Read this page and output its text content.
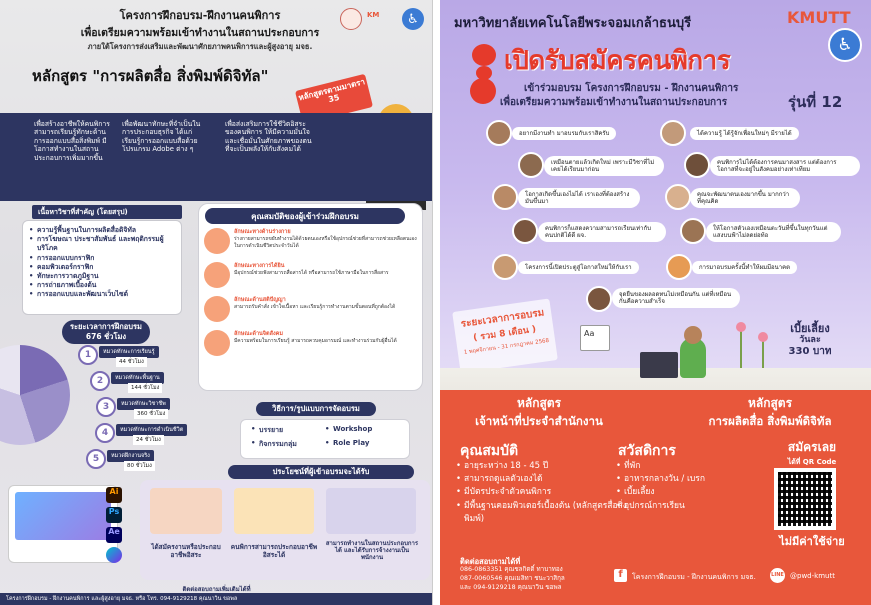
โครงการฝึกอบรม-ฝึกงานคนพิการ
เพื่อเตรียมความพร้อมเข้าทำงานในสถานประกอบการ
ภายใต้โครงการส่งเสริมและพัฒนาศักยภาพคนพิการและผู้สูงอายุ มจธ.
KM	♿
หลักสูตร "การผลิตสื่อ สิ่งพิมพ์ดิจิทัล"
หลักสูตรตามมาตรา 35
เพื่อสร้างอาชีพให้คนพิการสามารถเรียนรู้ทักษะด้านการออกแบบสื่อสิ่งพิมพ์ มีโอกาสทำงานในสถานประกอบการเพิ่มมากขึ้น
เพื่อพัฒนาทักษะที่จำเป็นในการประกอบธุรกิจ ได้แก่ เรียนรู้การออกแบบสื่อด้วยโปรแกรม Adobe ต่าง ๆ
เพื่อส่งเสริมการใช้ชีวิตอิสระของคนพิการ ให้มีความมั่นใจ และเชื่อมั่นในศักยภาพของตนที่จะเป็นพลังให้กับสังคมได้
เนื้อหาวิชาที่สำคัญ (โดยสรุป)
• ความรู้พื้นฐานในการผลิตสื่อดิจิทัล
• การโฆษณา ประชาสัมพันธ์ และพฤติกรรมผู้บริโภค
• การออกแบบกราฟิก
• คอมพิวเตอร์กราฟิก
• ทักษะการวาดภูมิฐาน
• การถ่ายภาพเบื้องต้น
• การออกแบบและพัฒนาเว็บไซต์
คุณสมบัติของผู้เข้าร่วมฝึกอบรม
ลักษณะทางด้านร่างกาย
ร่างกายสามารถขยับทำงานได้ด้วยตนเองหรือใช้อุปกรณ์ช่วยที่สามารถช่วยเหลือตนเองในการดำเนินชีวิตประจำวันได้
ลักษณะทางการได้ยิน
มีอุปกรณ์ช่วยฟังสามารถสื่อสารได้ หรือสามารถใช้ภาษามือในการสื่อสาร
ลักษณะด้านสติปัญญา
สามารถรับคำสั่ง เข้าใจเนื้อหา และเรียนรู้การทำงานตามขั้นตอนที่ถูกต้องได้
ลักษณะด้านจิตสังคม
มีความพร้อมในการเรียนรู้ สามารถควบคุมอารมณ์ และทำงานร่วมกับผู้อื่นได้
ระยะเวลาการฝึกอบรม 676 ชั่วโมง
1	หมวดทักษะการเรียนรู้
44 ชั่วโมง
2	หมวดทักษะพื้นฐาน
144 ชั่วโมง
3	หมวดทักษะวิชาชีพ
360 ชั่วโมง
4	หมวดทักษะการดำเนินชีวิต
24 ชั่วโมง
5	หมวดฝึกงานจริง
80 ชั่วโมง
วิธีการ/รูปแบบการจัดอบรม
• บรรยาย	• Workshop
• กิจกรรมกลุ่ม	• Role Play
ประโยชน์ที่ผู้เข้าอบรมจะได้รับ
ได้สมัครงานหรือประกอบอาชีพอิสระ
คนพิการสามารถประกอบอาชีพอิสระได้
สามารถทำงานในสถานประกอบการได้ และได้รับการจ้างงานเป็นพนักงาน
Ai
Ps
Ae
ติดต่อสอบถามเพิ่มเติมได้ที่
โครงการฝึกอบรม - ฝึกงานคนพิการ และผู้สูงอายุ มจธ. หรือ โทร. 094-9129218 คุณนาวิน ขอพล
มหาวิทยาลัยเทคโนโลยีพระจอมเกล้าธนบุรี	KMUTT
♿
เปิดรับสมัครคนพิการ
เข้าร่วมอบรม โครงการฝึกอบรม - ฝึกงานคนพิการ
เพื่อเตรียมความพร้อมเข้าทำงานในสถานประกอบการ	รุ่นที่ 12
อยากมีงานทำ มาอบรมกับเราสิครับ	ได้ความรู้ ได้รู้จักเพื่อนใหม่ๆ มีรายได้
เหมือนตายแล้วเกิดใหม่ เพราะมีวิชาที่ไม่เคยได้เรียนมาก่อน
คนพิการไม่ได้ต้องการคนมาสงสาร แต่ต้องการโอกาสที่จะอยู่ในสังคมอย่างเท่าเทียม
โอกาสเกิดขึ้นเองไม่ได้ เราเองที่ต้องสร้างมันขึ้นมา
คุณจะพัฒนาตนเองมากขึ้น มากกว่าที่คุณคิด
คนพิการก็แสดงความสามารถเรียนเท่ากับคนปกติได้ดี ผจ.
ให้โอกาสตัวเองเหมือนตะวันที่ขึ้นในทุกวันแต่แสงบนฟ้าไม่ลดย่อท้อ
โครงการนี้เปิดประตูสู่โอกาสใหม่ให้กับเรา	การมาอบรมครั้งนี้ทำให้ผมมีอนาคต
จุดยืนของผลอดทนไม่เหมือนกัน แต่ที่เหมือนกันคือความสำเร็จ
ระยะเวลาการอบรม
( รวม 8 เดือน )
1 พฤศจิกายน - 31 กรกฎาคม 2568
Aa	เบี้ยเลี้ยง
วันละ
330 บาท
หลักสูตร
เจ้าหน้าที่ประจำสำนักงาน
หลักสูตร
การผลิตสื่อ สิ่งพิมพ์ดิจิทัล
คุณสมบัติ
• อายุระหว่าง 18 - 45 ปี
• สามารถดูแลตัวเองได้
• มีบัตรประจำตัวคนพิการ
• มีพื้นฐานคอมพิวเตอร์เบื้องต้น (หลักสูตรสื่อสิ่งพิมพ์)
สวัสดิการ
• ที่พัก
• อาหารกลางวัน / เบรก
• เบี้ยเลี้ยง
• อุปกรณ์การเรียน
สมัครเลย
ได้ที่ QR Code
ไม่มีค่าใช้จ่าย
ติดต่อสอบถามได้ที่
086-0863351 คุณชลกิตติ์ ทาบาทอง
087-0060546 คุณเมลิทา ชนะวาสิกุล
และ 094-9129218 คุณนาวิน ขอพล
f	โครงการฝึกอบรม - ฝึกงานคนพิการ มจธ.	LINE @pwd-kmutt
